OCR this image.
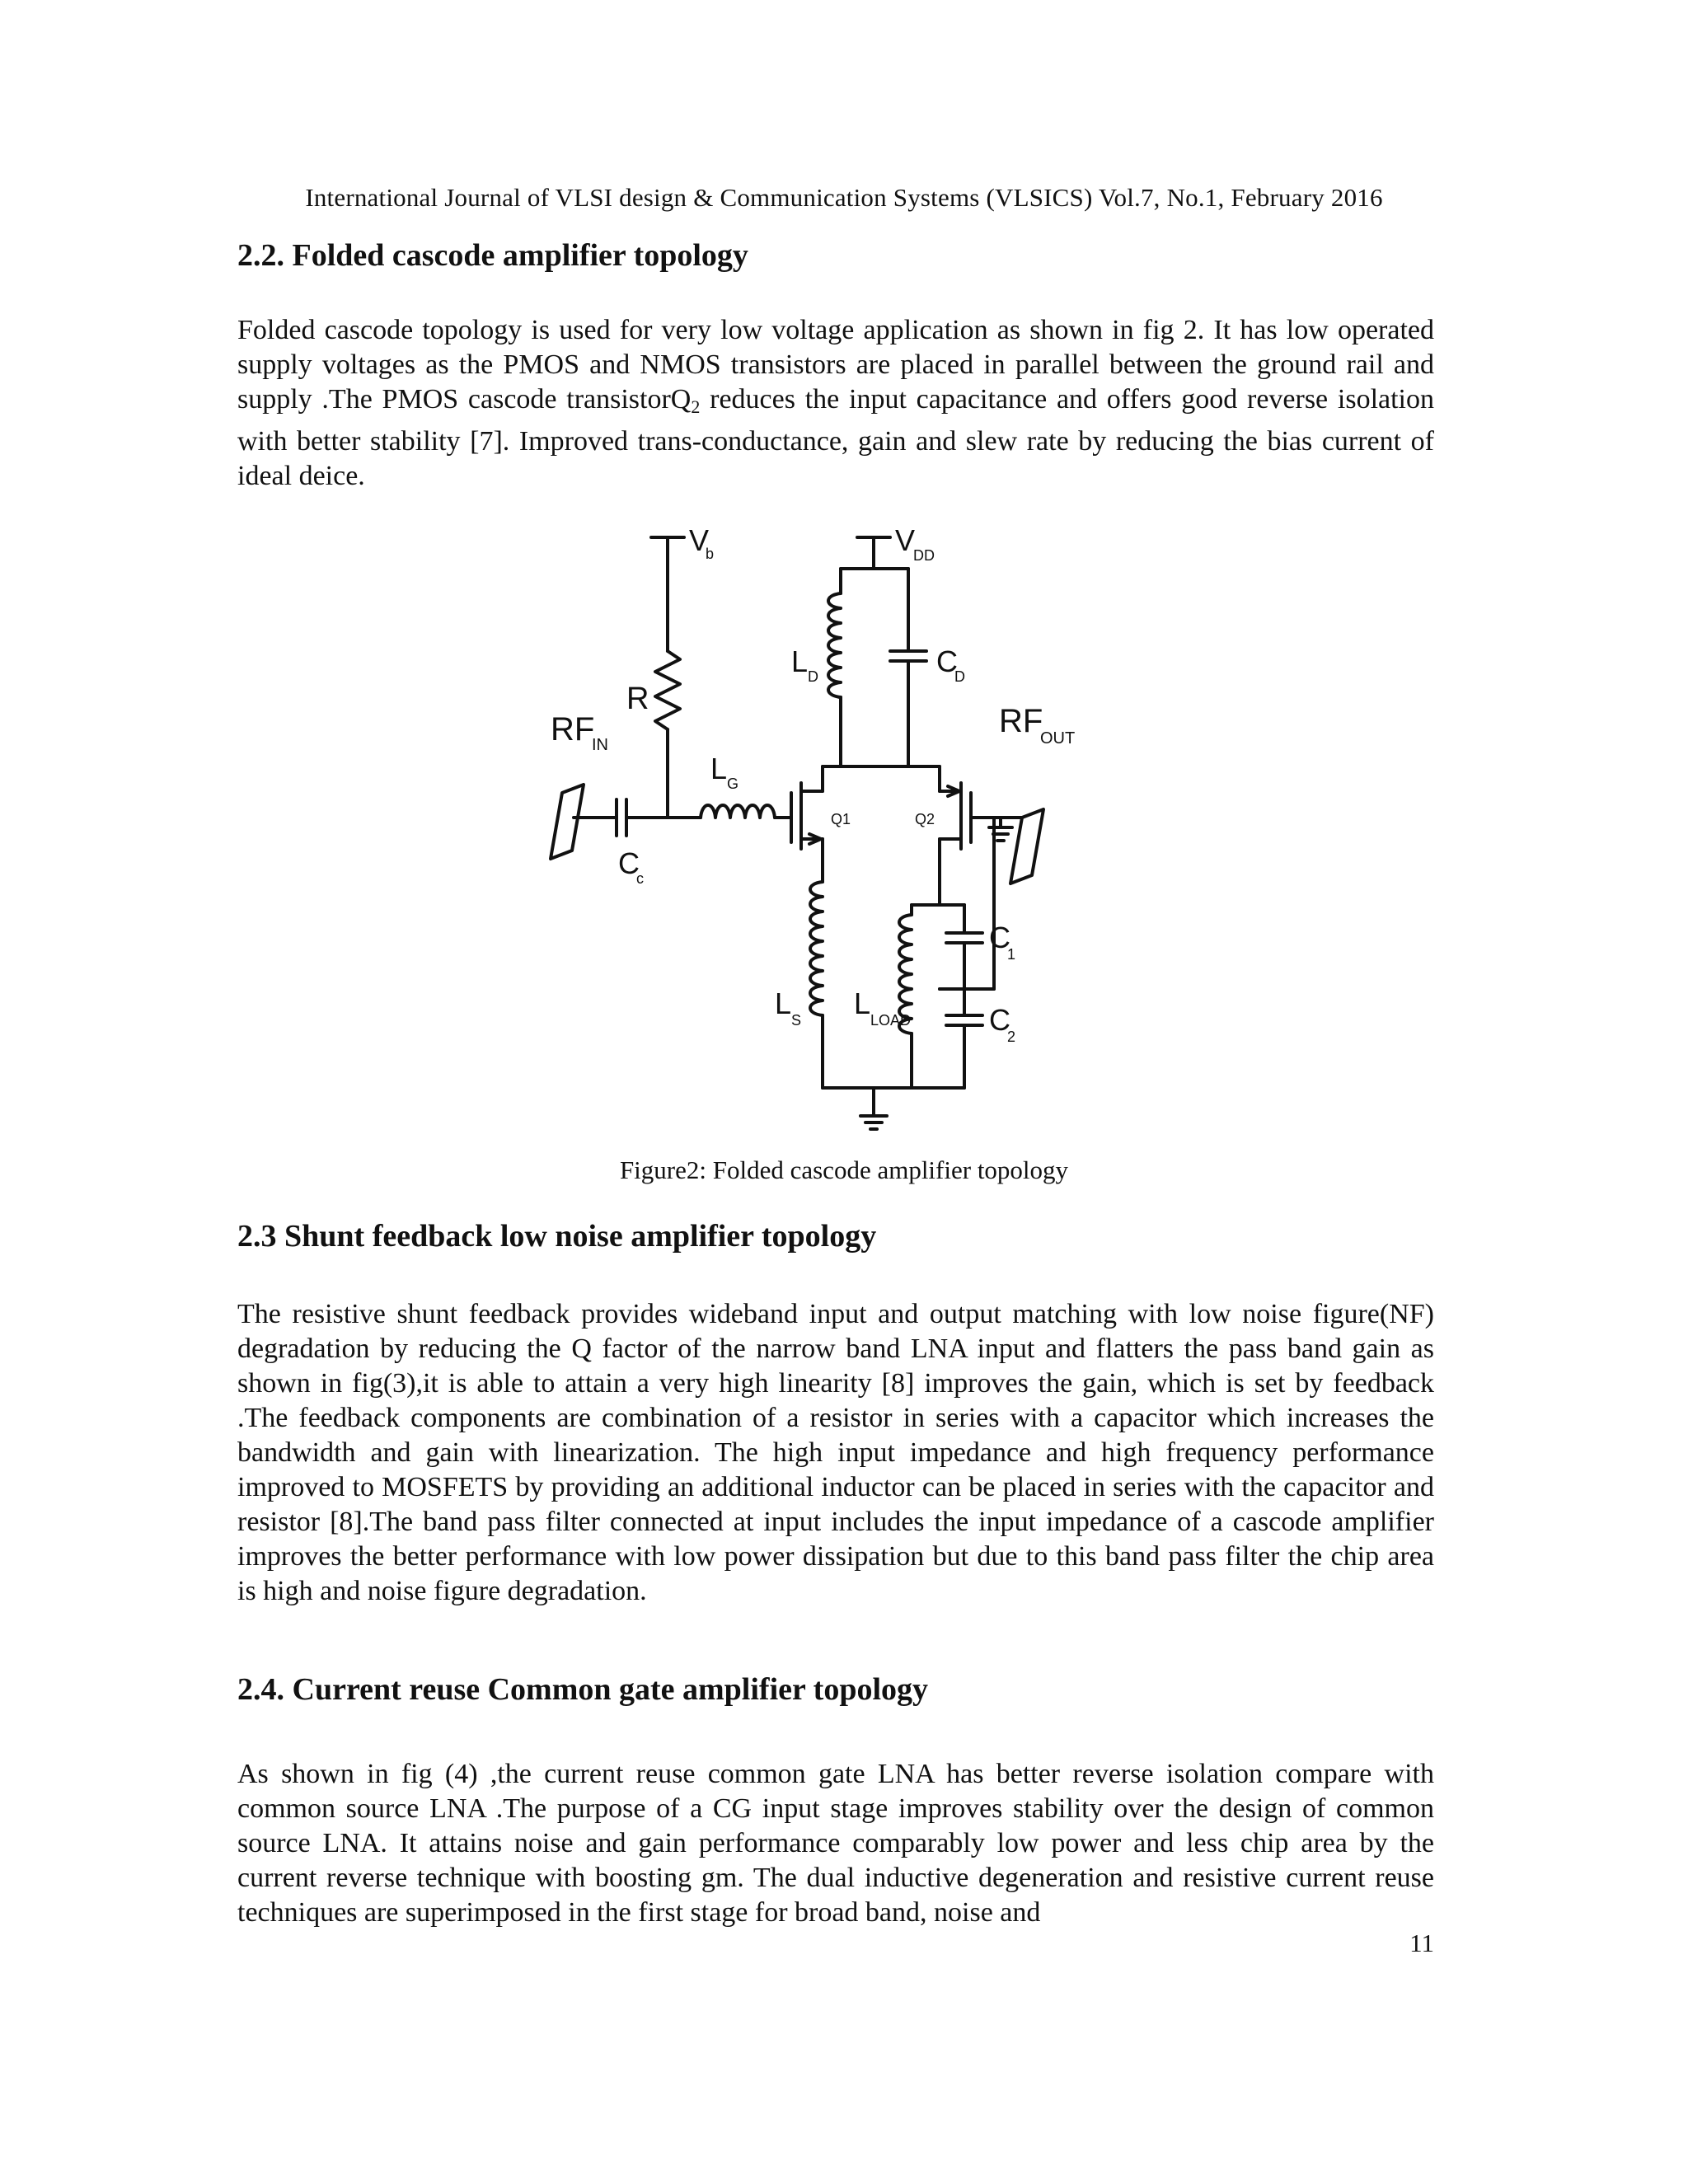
International Journal of VLSI design & Communication Systems (VLSICS) Vol.7, No.1, February 2016
2.2. Folded cascode amplifier topology

Folded cascode topology is used for very low voltage application as shown in fig 2. It has low operated supply voltages as the PMOS and NMOS transistors are placed in parallel between the ground rail and supply .The PMOS cascode transistorQ$_2$ reduces the input capacitance and offers good reverse isolation with better stability [7]. Improved trans-conductance, gain and slew rate by reducing the bias current of ideal deice.

V
b
R
RF
IN
C
c
L G
Q1
V
DD
L D	C
D
Q2
RF
OUT
L S L LOAD
C
1
C
2
Figure2: Folded cascode amplifier topology
2.3 Shunt feedback low noise amplifier topology

The resistive shunt feedback provides wideband input and output matching with low noise figure(NF) degradation by reducing the Q factor of the narrow band LNA input and flatters the pass band gain as shown in fig(3),it is able to attain a very high linearity [8] improves the gain, which is set by feedback .The feedback components are combination of a resistor in series with a capacitor which increases the bandwidth and gain with linearization. The high input impedance and high frequency performance improved to MOSFETS by providing an additional inductor can be placed in series with the capacitor and resistor [8].The band pass filter connected at input includes the input impedance of a cascode amplifier improves the better performance with low power dissipation but due to this band pass filter the chip area is high and noise figure degradation.

2.4. Current reuse Common gate amplifier topology

As shown in fig (4) ,the current reuse common gate LNA has better reverse isolation compare with common source LNA .The purpose of a CG input stage improves stability over the design of common source LNA. It attains noise and gain performance comparably low power and less chip area by the current reverse technique with boosting gm. The dual inductive degeneration and resistive current reuse techniques are superimposed in the first stage for broad band, noise and

11
